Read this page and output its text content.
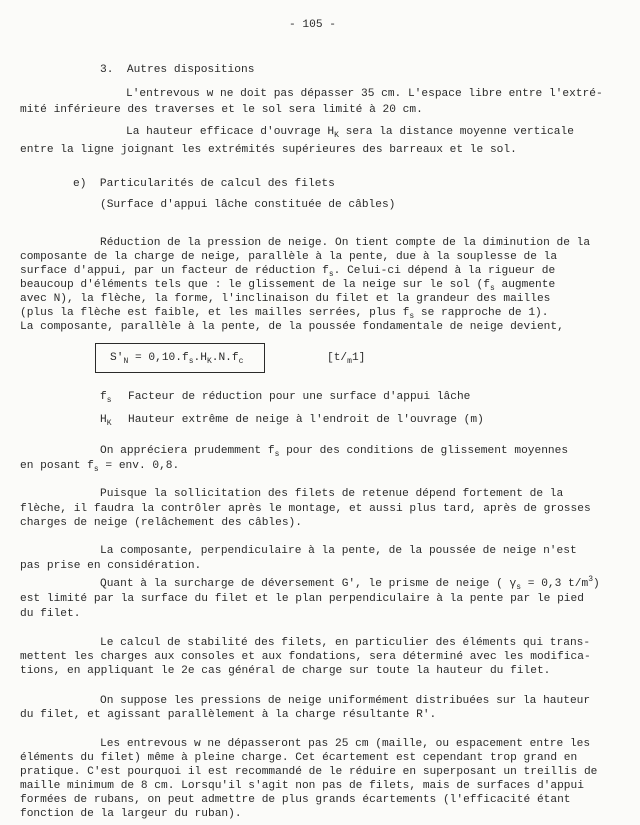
- 105 -
3.  Autres dispositions
e)  Particularités de calcul des filets
(Surface d'appui lâche constituée de câbles)
$S'_N = 0,10.f_s.H_K.N.f_c$	$[t/_m1]$
$f_s$ Facteur de réduction pour une surface d'appui lâche
$H_K$ Hauteur extrême de neige à l'endroit de l'ouvrage (m)
L'entrevous w ne doit pas dépasser 35 cm. L'espace libre entre l'extré-
mité inférieure des traverses et le sol sera limité à 20 cm.
La hauteur efficace d'ouvrage $H_K$ sera la distance moyenne verticale
entre la ligne joignant les extrémités supérieures des barreaux et le sol.
Réduction de la pression de neige. On tient compte de la diminution de la
composante de la charge de neige, parallèle à la pente, due à la souplesse de la
surface d'appui, par un facteur de réduction $f_s$. Celui-ci dépend à la rigueur de
beaucoup d'éléments tels que : le glissement de la neige sur le sol ($f_s$ augmente
avec N), la flèche, la forme, l'inclinaison du filet et la grandeur des mailles
(plus la flèche est faible, et les mailles serrées, plus $f_s$ se rapproche de 1).
La composante, parallèle à la pente, de la poussée fondamentale de neige devient,
On appréciera prudemment $f_s$ pour des conditions de glissement moyennes
en posant $f_s$ = env. 0,8.
Puisque la sollicitation des filets de retenue dépend fortement de la
flèche, il faudra la contrôler après le montage, et aussi plus tard, après de grosses
charges de neige (relâchement des câbles).
La composante, perpendiculaire à la pente, de la poussée de neige n'est
pas prise en considération.
Quant à la surcharge de déversement G', le prisme de neige ( $\gamma_s = 0,3$ $t/m^3$)
est limité par la surface du filet et le plan perpendiculaire à la pente par le pied
du filet.
Le calcul de stabilité des filets, en particulier des éléments qui trans-
mettent les charges aux consoles et aux fondations, sera déterminé avec les modifica-
tions, en appliquant le 2e cas général de charge sur toute la hauteur du filet.
On suppose les pressions de neige uniformément distribuées sur la hauteur
du filet, et agissant parallèlement à la charge résultante R'.
Les entrevous w ne dépasseront pas 25 cm (maille, ou espacement entre les
éléments du filet) même à pleine charge. Cet écartement est cependant trop grand en
pratique. C'est pourquoi il est recommandé de le réduire en superposant un treillis de
maille minimum de 8 cm. Lorsqu'il s'agit non pas de filets, mais de surfaces d'appui
formées de rubans, on peut admettre de plus grands écartements (l'efficacité étant
fonction de la largeur du ruban).
